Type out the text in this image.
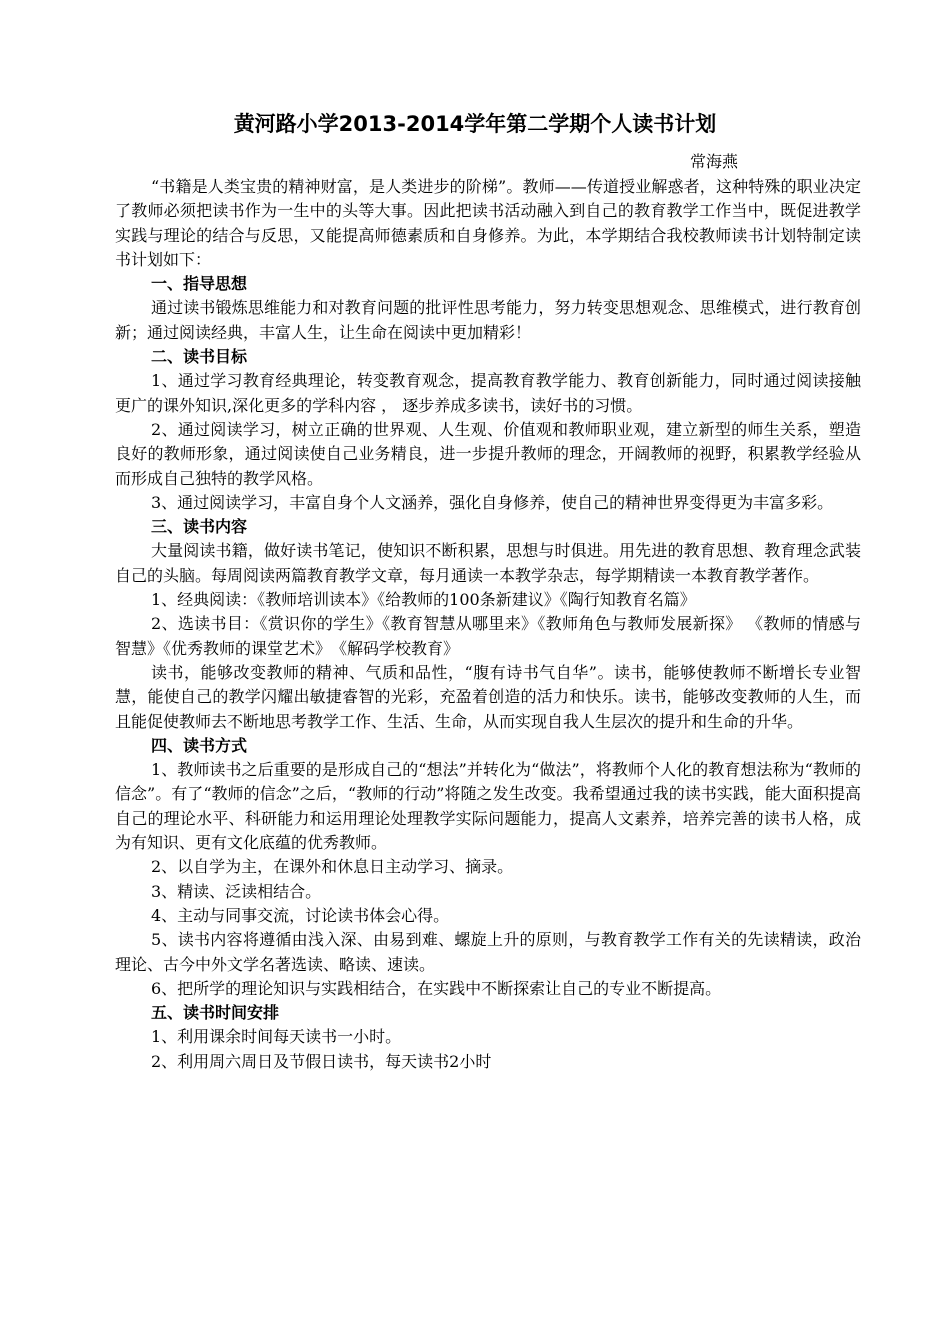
黄河路小学2013-2014学年第二学期个人读书计划
常海燕

“书籍是人类宝贵的精神财富，是人类进步的阶梯”。教师——传道授业解惑者，这种特殊的职业决定了教师必须把读书作为一生中的头等大事。因此把读书活动融入到自己的教育教学工作当中，既促进教学实践与理论的结合与反思，又能提高师德素质和自身修养。为此，本学期结合我校教师读书计划特制定读书计划如下：

一、指导思想

通过读书锻炼思维能力和对教育问题的批评性思考能力，努力转变思想观念、思维模式，进行教育创新；通过阅读经典，丰富人生，让生命在阅读中更加精彩！

二、读书目标

1、通过学习教育经典理论，转变教育观念，提高教育教学能力、教育创新能力，同时通过阅读接触更广的课外知识,深化更多的学科内容 ， 逐步养成多读书，读好书的习惯。

2、通过阅读学习，树立正确的世界观、人生观、价值观和教师职业观，建立新型的师生关系，塑造良好的教师形象，通过阅读使自己业务精良，进一步提升教师的理念，开阔教师的视野，积累教学经验从而形成自己独特的教学风格。

3、通过阅读学习，丰富自身个人文涵养，强化自身修养，使自己的精神世界变得更为丰富多彩。

三、读书内容

大量阅读书籍，做好读书笔记，使知识不断积累，思想与时俱进。用先进的教育思想、教育理念武装自己的头脑。每周阅读两篇教育教学文章，每月通读一本教学杂志，每学期精读一本教育教学著作。

1、经典阅读：《教师培训读本》《给教师的100条新建议》《陶行知教育名篇》

2、选读书目：《赏识你的学生》《教育智慧从哪里来》《教师角色与教师发展新探》 《教师的情感与智慧》《优秀教师的课堂艺术》　《解码学校教育》

读书，能够改变教师的精神、气质和品性，“腹有诗书气自华”。读书，能够使教师不断增长专业智慧，能使自己的教学闪耀出敏捷睿智的光彩，充盈着创造的活力和快乐。读书，能够改变教师的人生，而且能促使教师去不断地思考教学工作、生活、生命，从而实现自我人生层次的提升和生命的升华。

四、读书方式

1、教师读书之后重要的是形成自己的“想法”并转化为“做法”，将教师个人化的教育想法称为“教师的信念”。有了“教师的信念”之后，“教师的行动”将随之发生改变。我希望通过我的读书实践，能大面积提高自己的理论水平、科研能力和运用理论处理教学实际问题能力，提高人文素养，培养完善的读书人格，成为有知识、更有文化底蕴的优秀教师。

2、以自学为主，在课外和休息日主动学习、摘录。

3、精读、泛读相结合。

4、主动与同事交流，讨论读书体会心得。

5、读书内容将遵循由浅入深、由易到难、螺旋上升的原则，与教育教学工作有关的先读精读，政治理论、古今中外文学名著选读、略读、速读。

6、把所学的理论知识与实践相结合，在实践中不断探索让自己的专业不断提高。

五、读书时间安排

1、利用课余时间每天读书一小时。

2、利用周六周日及节假日读书，每天读书2小时
